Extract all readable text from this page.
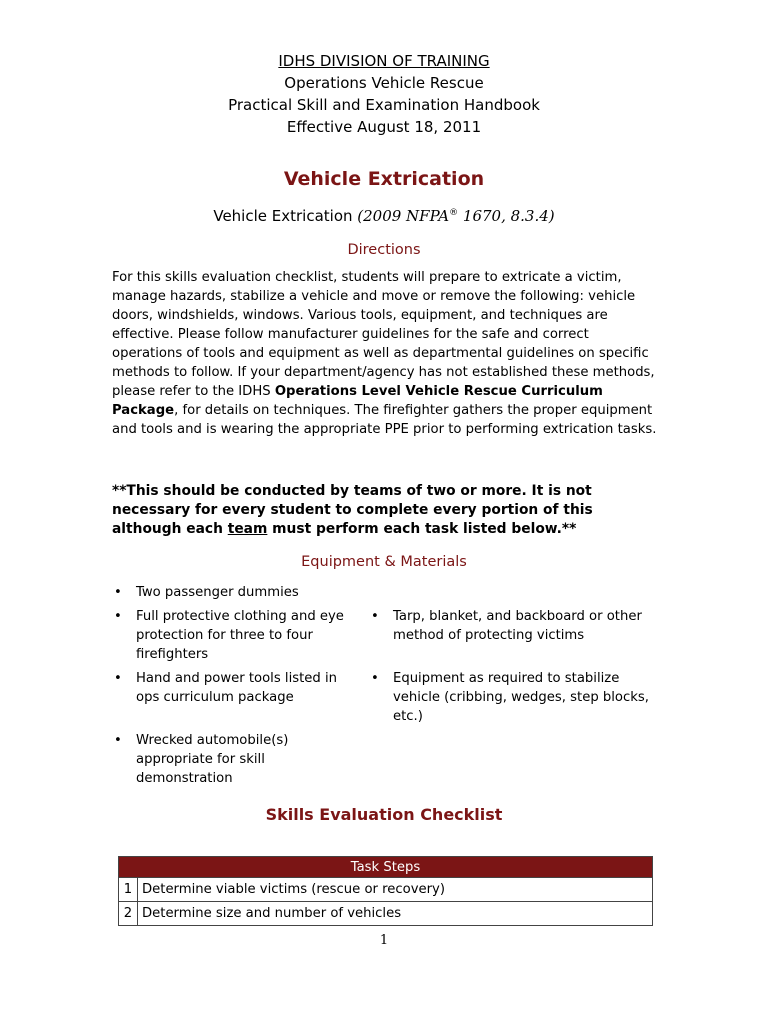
IDHS DIVISION OF TRAINING
Operations Vehicle Rescue
Practical Skill and Examination Handbook
Effective August 18, 2011
Vehicle Extrication
Vehicle Extrication (2009 NFPA® 1670, 8.3.4)
Directions
For this skills evaluation checklist, students will prepare to extricate a victim, manage hazards, stabilize a vehicle and move or remove the following: vehicle doors, windshields, windows. Various tools, equipment, and techniques are effective. Please follow manufacturer guidelines for the safe and correct operations of tools and equipment as well as departmental guidelines on specific methods to follow. If your department/agency has not established these methods, please refer to the IDHS Operations Level Vehicle Rescue Curriculum Package, for details on techniques. The firefighter gathers the proper equipment and tools and is wearing the appropriate PPE prior to performing extrication tasks.
**This should be conducted by teams of two or more. It is not necessary for every student to complete every portion of this although each team must perform each task listed below.**
Equipment & Materials
• Two passenger dummies
• Full protective clothing and eye protection for three to four firefighters
• Hand and power tools listed in ops curriculum package
• Wrecked automobile(s) appropriate for skill demonstration
• Tarp, blanket, and backboard or other method of protecting victims
• Equipment as required to stabilize vehicle (cribbing, wedges, step blocks, etc.)
Skills Evaluation Checklist
Task Steps	
1	Determine viable victims (rescue or recovery)
2	Determine size and number of vehicles
1
